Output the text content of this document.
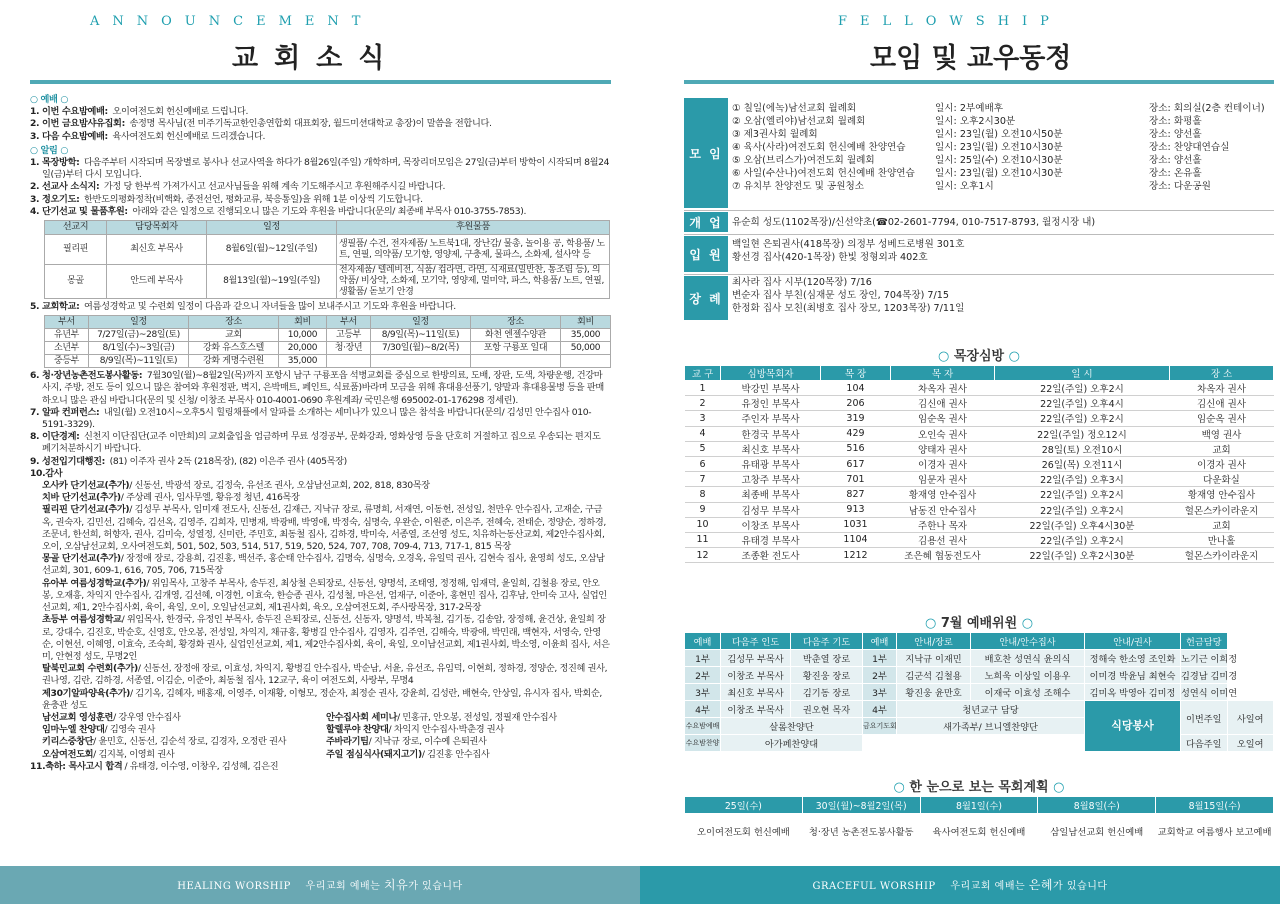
ANNOUNCEMENT
교회소식
○ 예배 ○
1. 이번 수요밤예배: 오이여전도회 헌신예배로 드립니다.
2. 이번 금요밤샤유집회: 송정명 목사님(전 미주기독교한인총연합회 대표회장, 월드미션대학교 총장)이 말씀을 전합니다.
3. 다음 수요밤예배: 육사여전도회 헌신예배로 드리겠습니다.
○ 알림 ○
1. 목장방학: 다음주부터 시작되며 목장별로 봉사나 선교사역을 하다가 8월26일(주일) 개학하며, 목장리더모임은 27일(금)부터 방학이 시작되며 8월24일(금)부터 다시 모입니다.
2. 선교사 소식지: 가정 당 한부씩 가져가시고 선교사님들을 위해 계속 기도해주시고 후원해주시길 바랍니다.
3. 정오기도: 한반도의평화정착(비핵화, 종전선언, 평화교류, 북응통일)을 위해 1분 이상씩 기도합니다.
4. 단기선교 및 물품후원: 아래와 같은 일정으로 진행되오니 많은 기도와 후원을 바랍니다(문의/ 최종배 부목사 010-3755-7853).
선교지	담당목회자	일정	후원물품
필리핀	최신호 부목사	8월6일(월)~12일(주일)	생필품/ 수건, 전자제품/ 노트북1대, 장난감/ 물총, 놀이용 공, 학용품/ 노트, 연필, 의약품/ 모기향, 영양제, 구충제, 물파스, 소화제, 설사약 등
몽골	안드레 부목사	8월13일(월)~19일(주일)	전자제품/ 텔레비전, 식품/ 컵라면, 라면, 식재료(밀반찬, 통조림 등), 의약품/ 비상약, 소화제, 모기약, 영양제, 멀미약, 파스, 학용품/ 노트, 연필, 생활품/ 돋보기 안경
5. 교회학교: 여름성경학교 및 수련회 일정이 다음과 같으니 자녀들을 많이 보내주시고 기도와 후원을 바랍니다.
부서	일정	장소	회비	부서	일정	장소	회비
유년부	7/27일(금)~28일(토)	교회	10,000	고등부	8/9일(목)~11일(토)	화천 엔젤수양관	35,000
소년부	8/1일(수)~3일(금)	강화 유스호스텔	20,000	청·장년	7/30일(월)~8/2(목)	포항 구룡포 일대	50,000
중등부	8/9일(목)~11일(토)	강화 게명수련원	35,000				
6. 청·장년농촌전도봉사활동: 7월30일(월)~8월2일(목)까지 포항시 남구 구룡포읍 석병교회를 중심으로 한방의료, 도배, 장판, 도색, 차량운행, 건강마사지, 주방, 전도 등이 있으니 많은 참여와 후원정판, 벽지, 은박매트, 페인트, 식료품)바라며 모금을 위해 휴대용선풍기, 양말과 휴대용물병 등을 판매하오니 많은 관심 바랍니다(문의 및 신청/ 이창조 부목사 010-4001-0690 후원계좌/ 국민은행 695002-01-176298 정세린).
7. 알파 컨퍼런스: 내일(월) 오전10시~오후5시 힐링채플에서 알파를 소개하는 세미나가 있으니 많은 참석을 바랍니다(문의/ 김성민 안수집사 010-5191-3329).
8. 이단경계: 신천지 이단집단(교주 이만희)의 교회출입을 엄금하며 무료 성경공부, 문화강좌, 영화상영 등을 단호히 거절하고 집으로 우송되는 편지도 폐기처분하시기 바랍니다.
9. 성전입기대행진: (81) 이주자 권사 2독 (218목장), (82) 이은주 권사 (405목장)
10. 감사
오사카 단기선교(추가)/ 신동선, 박광석 장로, 김정숙, 유선조 권사, 오삼남선교회, 202, 818, 830목장
치바 단기선교(추가)/ 주상례 권사, 임사무엘, 황유정 청년, 416목장
필리핀 단기선교(추가)/ 김성무 부목사, 임미재 전도사, 신동선, 김재근, 지낙규 장로, 류명희, 서재연, 이동헌, 전성일, 천만우 안수집사, 고재순, 구금옥, 권숙자, 김민선, 김혜숙, 김선옥, 김영주, 김희자, 민병재, 박광배, 박영애, 박정숙, 심명숙, 우완순, 이원준, 이은주, 전혜숙, 전태순, 정양순, 정하경, 조문녀, 한선희, 허향자, 권사, 김미숙, 성열정, 신미란, 주민호, 최동철 집사, 김하경, 박미숙, 서종열, 조선영 성도, 치유하는동산교회, 제2안수집사회, 오이, 오삼남선교회, 오사여전도회, 501, 502, 503, 514, 517, 519, 520, 524, 707, 708, 709-4, 713, 717-1, 815 목장
몽골 단기선교(추가)/ 장정애 장로, 강용희, 김진홍, 백선주, 홍순태 안수집사, 김명숙, 심명숙, 오경옥, 유일덕 권사, 김현숙 집사, 윤영희 성도, 오삼남선교회, 301, 609-1, 616, 705, 706, 715목장
유아부 여름성경학교(추가)/ 위임목사, 고창주 부목사, 송두진, 최상철 은퇴장로, 신동선, 양명석, 조태영, 정정해, 임재덕, 윤일희, 김철용 장로, 안오봉, 오재흥, 차익지 안수집사, 김개영, 김선혜, 이경헌, 이효숙, 한승종 권사, 김성철, 마은선, 엄재구, 이준아, 홍현민 집사, 김후남, 안미숙 고사, 실업인 선교회, 제1, 2안수집사회, 육이, 육일, 오이, 오일남선교회, 제1권사회, 육오, 오삼여전도회, 주사랑목장, 317-2목장
초등부 여름성경학교/ 위임목사, 한경국, 유정인 부목사, 송두진 은퇴장로, 신동선, 신동자, 양명석, 박복철, 김기동, 김송암, 장정해, 윤건상, 윤일희 장로, 강대수, 김진호, 박순호, 신영호, 안오봉, 전성일, 차익지, 채규홍, 황병길 안수집사, 김영자, 김주연, 김해숙, 박광애, 박민래, 백현자, 서영숙, 안영순, 이현선, 이혜영, 이효숙, 조숙희, 황경화 권사, 실업인선교회, 제1, 제2안수집사회, 육이, 육일, 오이남선교회, 제1권사회, 박소영, 이윤희 집사, 서은미, 안현정 성도, 무명2인
탈북민교회 수련회(추가)/ 신동선, 장정애 장로, 이효성, 차익지, 황병길 안수집사, 박순남, 서윤, 유선조, 유임덕, 이현희, 정하경, 정양순, 정진혜 권사, 권나영, 김란, 김하경, 서종열, 이김순, 이준아, 최동철 집사, 12교구, 육이 여전도회, 사랑부, 무명4
제30기알파양육(추가)/ 김기옥, 김혜자, 배홍재, 이영주, 이재황, 이형모, 정순자, 최정순 권사, 강윤희, 김성란, 배현숙, 안상일, 유시자 집사, 박회순, 윤충관 성도
남선교회 영성훈련/ 강우영 안수집사	안수집사회 세미나/ 민홍규, 안오봉, 전성일, 정필재 안수집사
임마누엘 찬양대/ 김영숙 권사	할렐루야 찬양대/ 차익지 안수집사·박춘경 권사
키리스중창단/ 윤민호, 신동선, 김순석 장로, 김경자, 오정란 권사	주바라기팀/ 지낙규 장로, 이수예 은퇴권사
오삼여전도회/ 김지복, 이영희 권사	주일 점심식사(돼지고기)/ 김진홍 안수집사
11. 축하: 목사고시 합격 / 유태경, 이수영, 이창우, 김성혜, 김은진
HEALING WORSHIP 우리교회 예배는 치유가 있습니다
FELLOWSHIP
모임 및 교우동정
모 임
① 칠일(에녹)남선교회 월례회	일시: 2부예배후	장소: 회의실(2층 컨테이너)
② 오삼(엘리야)남선교회 월례회	일시: 오후2시30분	장소: 화평홀
③ 제3권사회 월례회	일시: 23일(월) 오전10시50분	장소: 양선홀
④ 육사(사라)여전도회 헌신예배 찬양연습	일시: 23일(월) 오전10시30분	장소: 찬양대연습실
⑤ 오삼(브리스가)여전도회 월례회	일시: 25일(수) 오전10시30분	장소: 양선홀
⑥ 사일(수산나)여전도회 헌신예배 찬양연습	일시: 23일(월) 오전10시30분	장소: 온유홀
⑦ 유치부 찬양전도 및 공원청소	일시: 오후1시	장소: 다운공원
개 업 유순희 성도(1102목장)/신선약초(☎02-2601-7794, 010-7517-8793, 월정시장 내)
입 원
백일현 은퇴권사(418목장) 의정부 성베드로병원 301호
황선경 집사(420-1목장) 한빛 정형외과 402호
장 례
최사라 집사 시부(120목장) 7/16
변순자 집사 부친(심재문 성도 장인, 704목장) 7/15
한정화 집사 모친(최병호 집사 장모, 1203목장) 7/11일
○ 목장심방 ○
교 구	심방목회자	목 장	목 자	일 시	장 소
1	박강민 부목사	104	차옥자 권사	22일(주일) 오후2시	차옥자 권사
2	유정인 부목사	206	김신애 권사	22일(주일) 오후4시	김신애 권사
3	주인자 부목사	319	임순옥 권사	22일(주일) 오후2시	임순옥 권사
4	한경국 부목사	429	오인숙 권사	22일(주일) 정오12시	백영 권사
5	최신호 부목사	516	양태자 권사	28일(토) 오전10시	교회
6	유태광 부목사	617	이경자 권사	26일(목) 오전11시	이경자 권사
7	고창주 부목사	701	임문자 권사	22일(주일) 오후3시	다운화실
8	최종배 부목사	827	황재영 안수집사	22일(주일) 오후2시	황재영 안수집사
9	김성무 부목사	913	남동진 안수집사	22일(주일) 오후2시	헐몬스카이라운지
10	이창조 부목사	1031	주한나 목자	22일(주일) 오후4시30분	교회
11	유태경 부목사	1104	김용선 권사	22일(주일) 오후2시	만나홀
12	조종환 전도사	1212	조은혜 협동전도사	22일(주일) 오후2시30분	헐몬스카이라운지
○ 7월 예배위원 ○
예배	다음주 인도	다음주 기도	예배	안내/장로	안내/안수집사	안내/권사	헌금담당	
1부	김성무 부목사	박춘열 장로	1부	지낙규 이재민	배호찬 성연식 윤의식	정해숙 한소영 조인화	노기근 이희정	
2부	이창조 부목사	황진웅 장로	2부	김군석 김철용	노희욱 이상일 이용우	이미경 박윤님 최현숙	김경남 김미경	
3부	최신호 부목사	김기동 장로	3부	황진웅 윤만호	이재국 이효성 조해수	김미옥 박영아 김미정	성연식 이미연	
4부	이창조 부목사	권오현 목자	4부	청년교구 담당		식당봉사	이번주일	사일여
수요밤예배	살롬찬양단		금요기도회	새가족부/ 브니엘찬양단				
수요밤찬양	아가페찬양대						다음주일	오일여
○ 한 눈으로 보는 목회계획 ○
25일(수)	30일(월)~8월2일(목)	8월1일(수)	8월8일(수)	8월15일(수)
오이여전도회 헌신예배	청·장년 농촌전도봉사활동	육사여전도회 헌신예배	삼일남선교회 헌신예배	교회학교 여름행사 보고예배
GRACEFUL WORSHIP 우리교회 예배는 은혜가 있습니다
